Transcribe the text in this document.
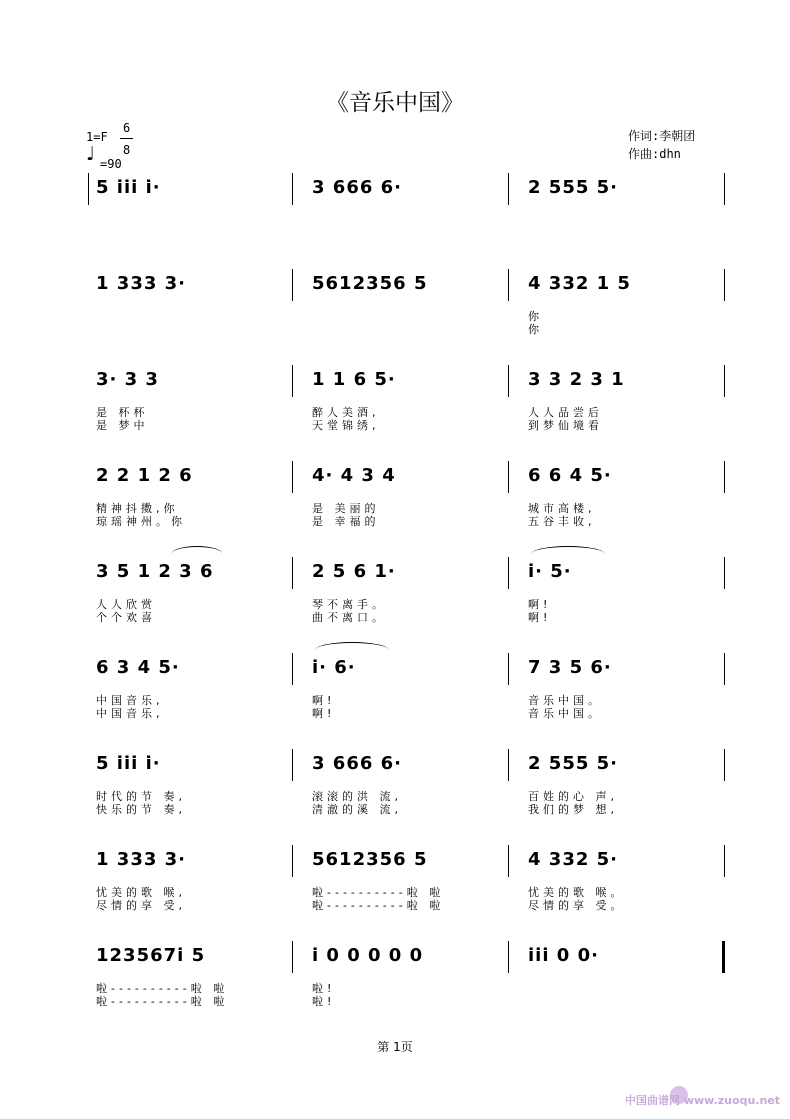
《音乐中国》
1=F
6
8
♩ =90
作词:李朝团
作曲:dhn
5 i̇i̇i̇ i̇·	3 666 6·	2 555 5·
1 333 3·	5612356 5	4 332 1 5
你
你
3· 3 3
是 杯杯
是 梦中
1 1 6 5·
醉人美酒,
天堂锦绣,
3 3 2 3 1
人人品尝后
到梦仙境看
2 2 1 2 6
精神抖擞,你
琼瑶神州。你
4· 4 3 4
是 美丽的
是 幸福的
6 6 4 5·
城市高楼,
五谷丰收,
3 5 1 2 3 6
人人欣赏
个个欢喜
2 5 6 1·
琴不离手。
曲不离口。
i̇· 5·
啊!
啊!
6 3 4 5·
中国音乐,
中国音乐,
i̇· 6·
啊!
啊!
7 3 5 6·
音乐中国。
音乐中国。
5 i̇i̇i̇ i̇·
时代的节 奏,
快乐的节 奏,
3 666 6·
滚滚的洪 流,
清澈的溪 流,
2 555 5·
百姓的心 声,
我们的梦 想,
1 333 3·
忧美的歌 喉,
尽情的享 受,
5612356 5
啦----------啦 啦
啦----------啦 啦
4 332 5·
忧美的歌 喉。
尽情的享 受。
123567i̇ 5
啦----------啦 啦
啦----------啦 啦
i̇ 0 0 0 0 0
啦!
啦!
i̇i̇i̇ 0 0·
第 1页
中国曲谱网 www.zuoqu.net
